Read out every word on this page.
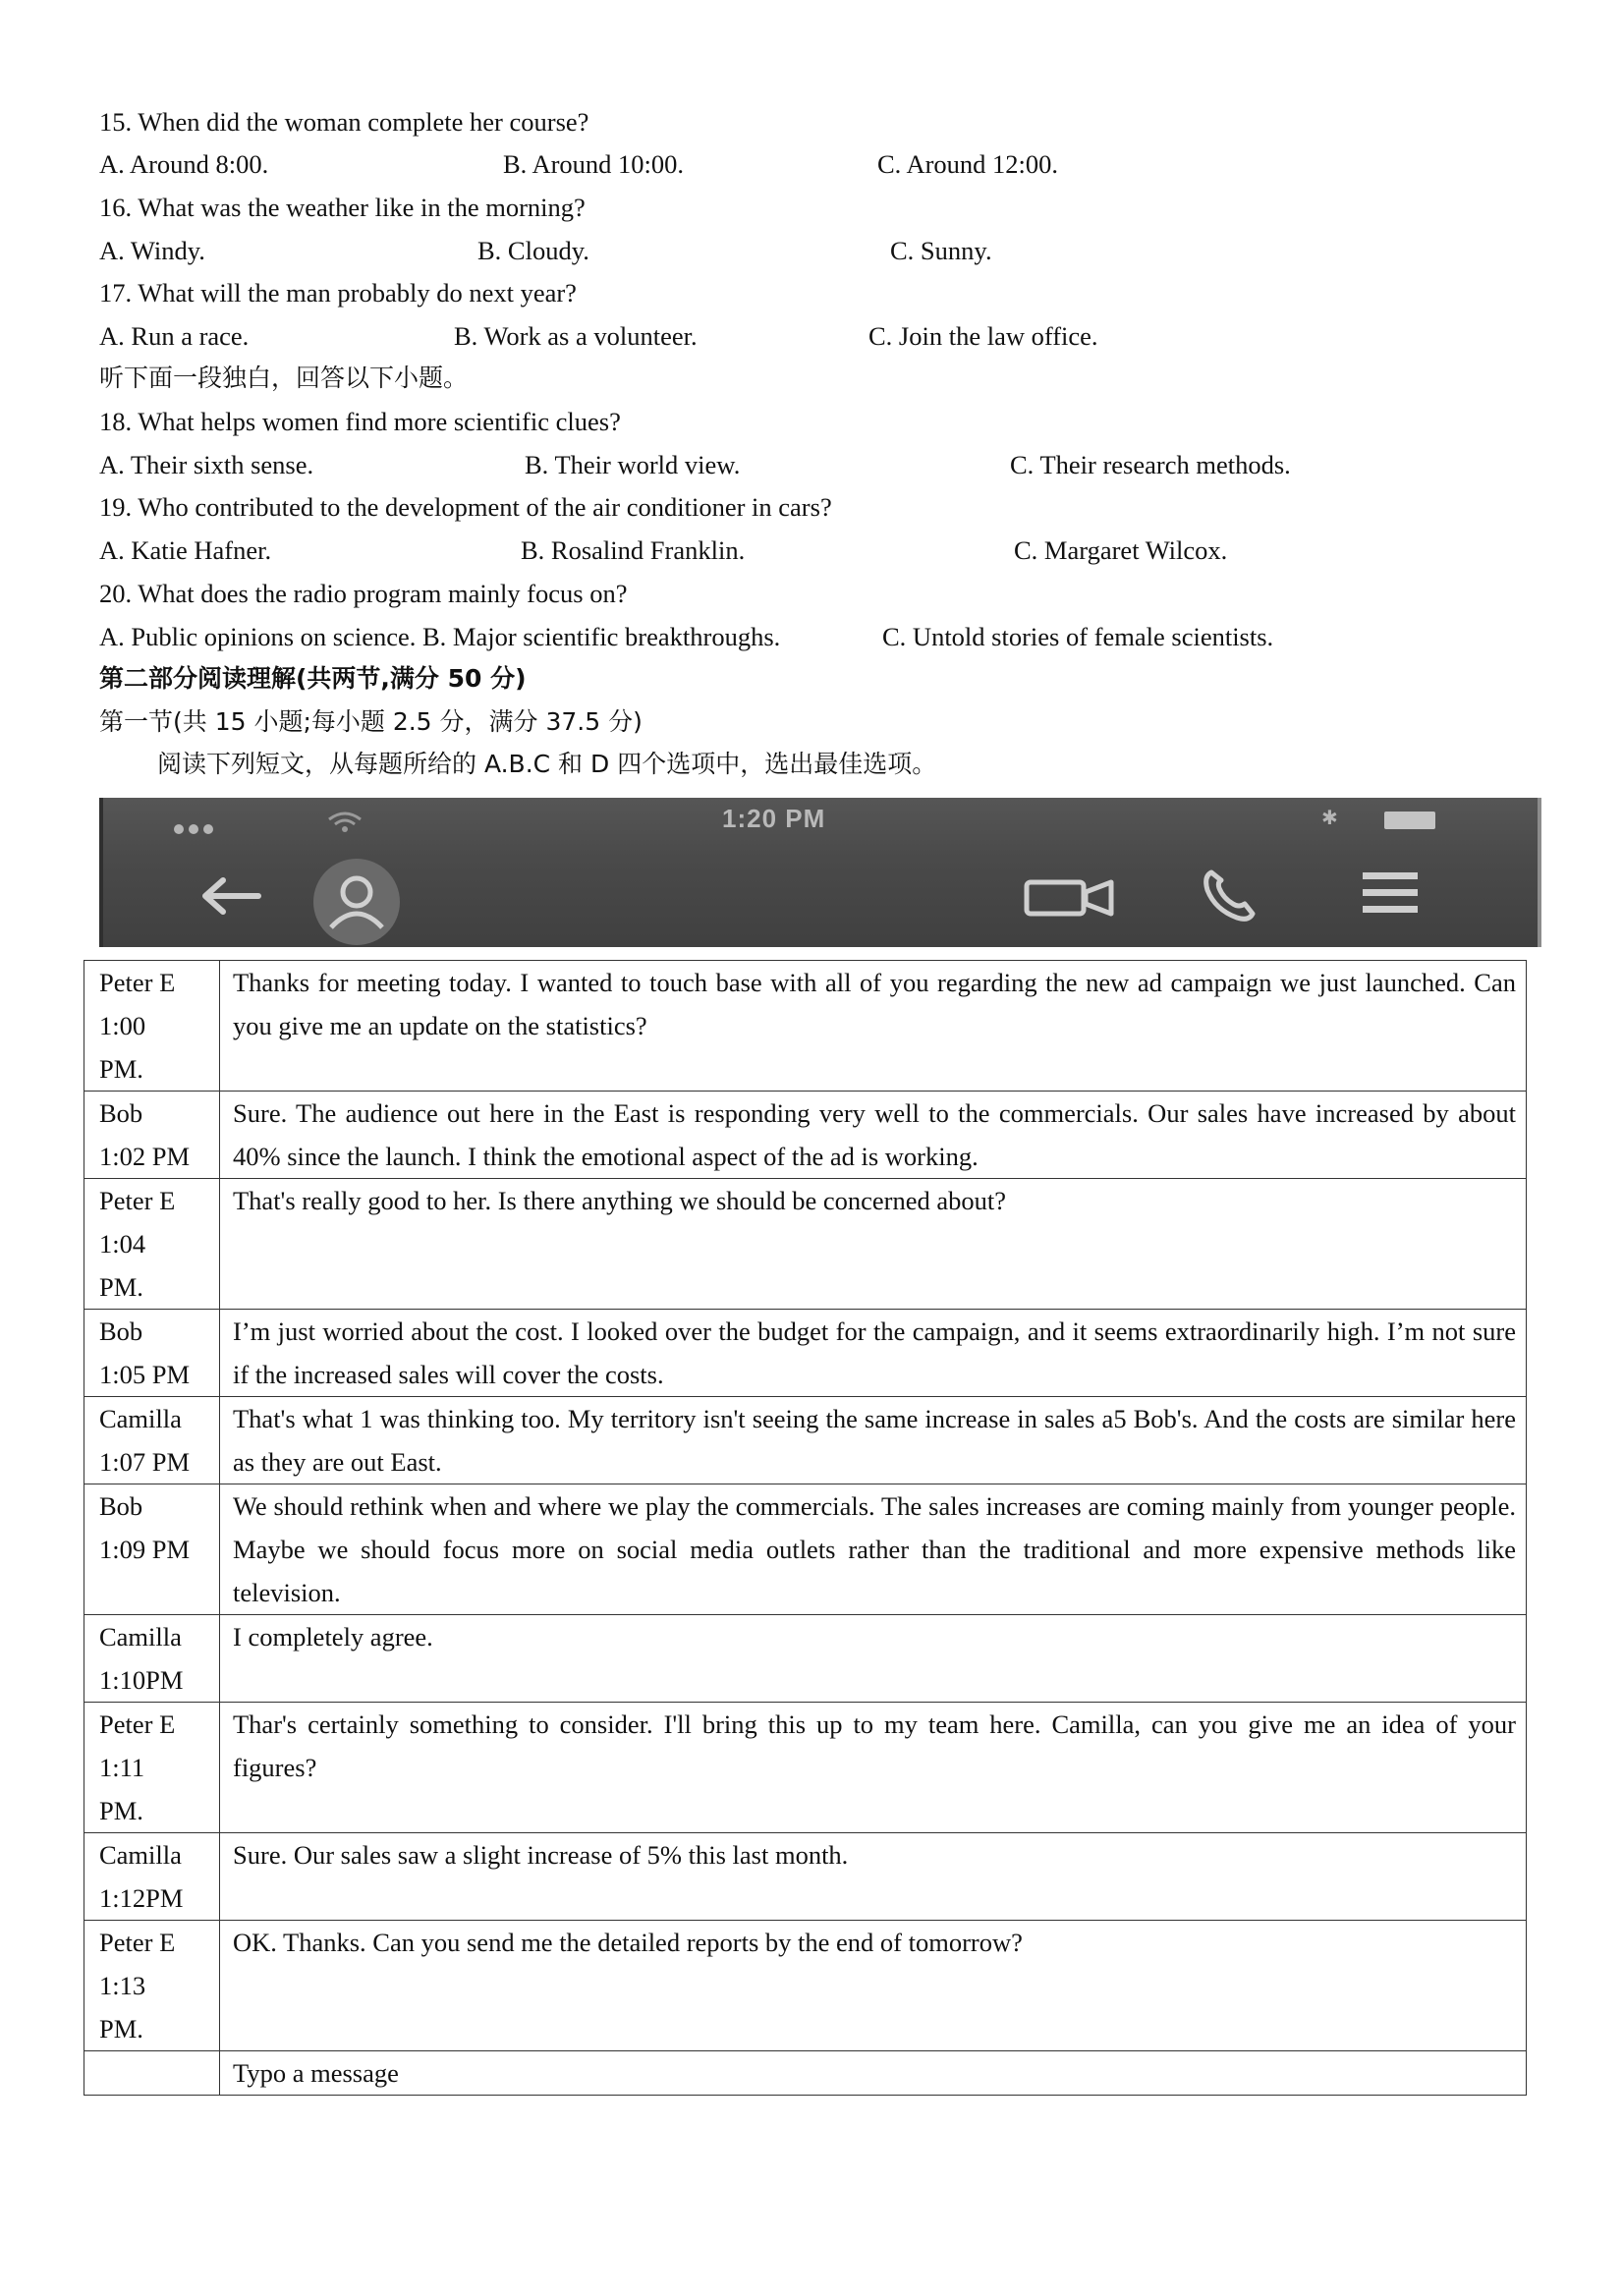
15. When did the woman complete her course?
A. Around 8:00.	B. Around 10:00.	C. Around 12:00.
16. What was the weather like in the morning?
A. Windy.	B. Cloudy.	C. Sunny.
17. What will the man probably do next year?
A. Run a race.	B. Work as a volunteer.	C. Join the law office.
听下面一段独白，回答以下小题。
18. What helps women find more scientific clues?
A. Their sixth sense.	B. Their world view.	C. Their research methods.
19. Who contributed to the development of the air conditioner in cars?
A. Katie Hafner.	B. Rosalind Franklin.	C. Margaret Wilcox.
20. What does the radio program mainly focus on?
A. Public opinions on science. B. Major scientific breakthroughs.	C. Untold stories of female scientists.
第二部分阅读理解(共两节,满分 50 分)
第一节(共 15 小题;每小题 2.5 分，满分 37.5 分)
阅读下列短文，从每题所给的 A.B.C 和 D 四个选项中，选出最佳选项。
1:20 PM	✱
Peter E
1:00
PM.	Thanks for meeting today. I wanted to touch base with all of you regarding the new ad campaign we just launched. Can you give me an update on the statistics?

Bob
1:02 PM	Sure. The audience out here in the East is responding very well to the commercials. Our sales have increased by about 40% since the launch. I think the emotional aspect of the ad is working.

Peter E
1:04
PM.	That's really good to her. Is there anything we should be concerned about?

Bob
1:05 PM	I’m just worried about the cost. I looked over the budget for the campaign, and it seems extraordinarily high. I’m not sure if the increased sales will cover the costs.

Camilla
1:07 PM	That's what 1 was thinking too. My territory isn't seeing the same increase in sales a5 Bob's. And the costs are similar here as they are out East.

Bob
1:09 PM	We should rethink when and where we play the commercials. The sales increases are coming mainly from younger people. Maybe we should focus more on social media outlets rather than the traditional and more expensive methods like television.

Camilla
1:10PM	I completely agree.

Peter E
1:11
PM.	Thar's certainly something to consider. I'll bring this up to my team here. Camilla, can you give me an idea of your figures?

Camilla
1:12PM	Sure. Our sales saw a slight increase of 5% this last month.

Peter E
1:13
PM.	OK. Thanks. Can you send me the detailed reports by the end of tomorrow?
	Typo a message
